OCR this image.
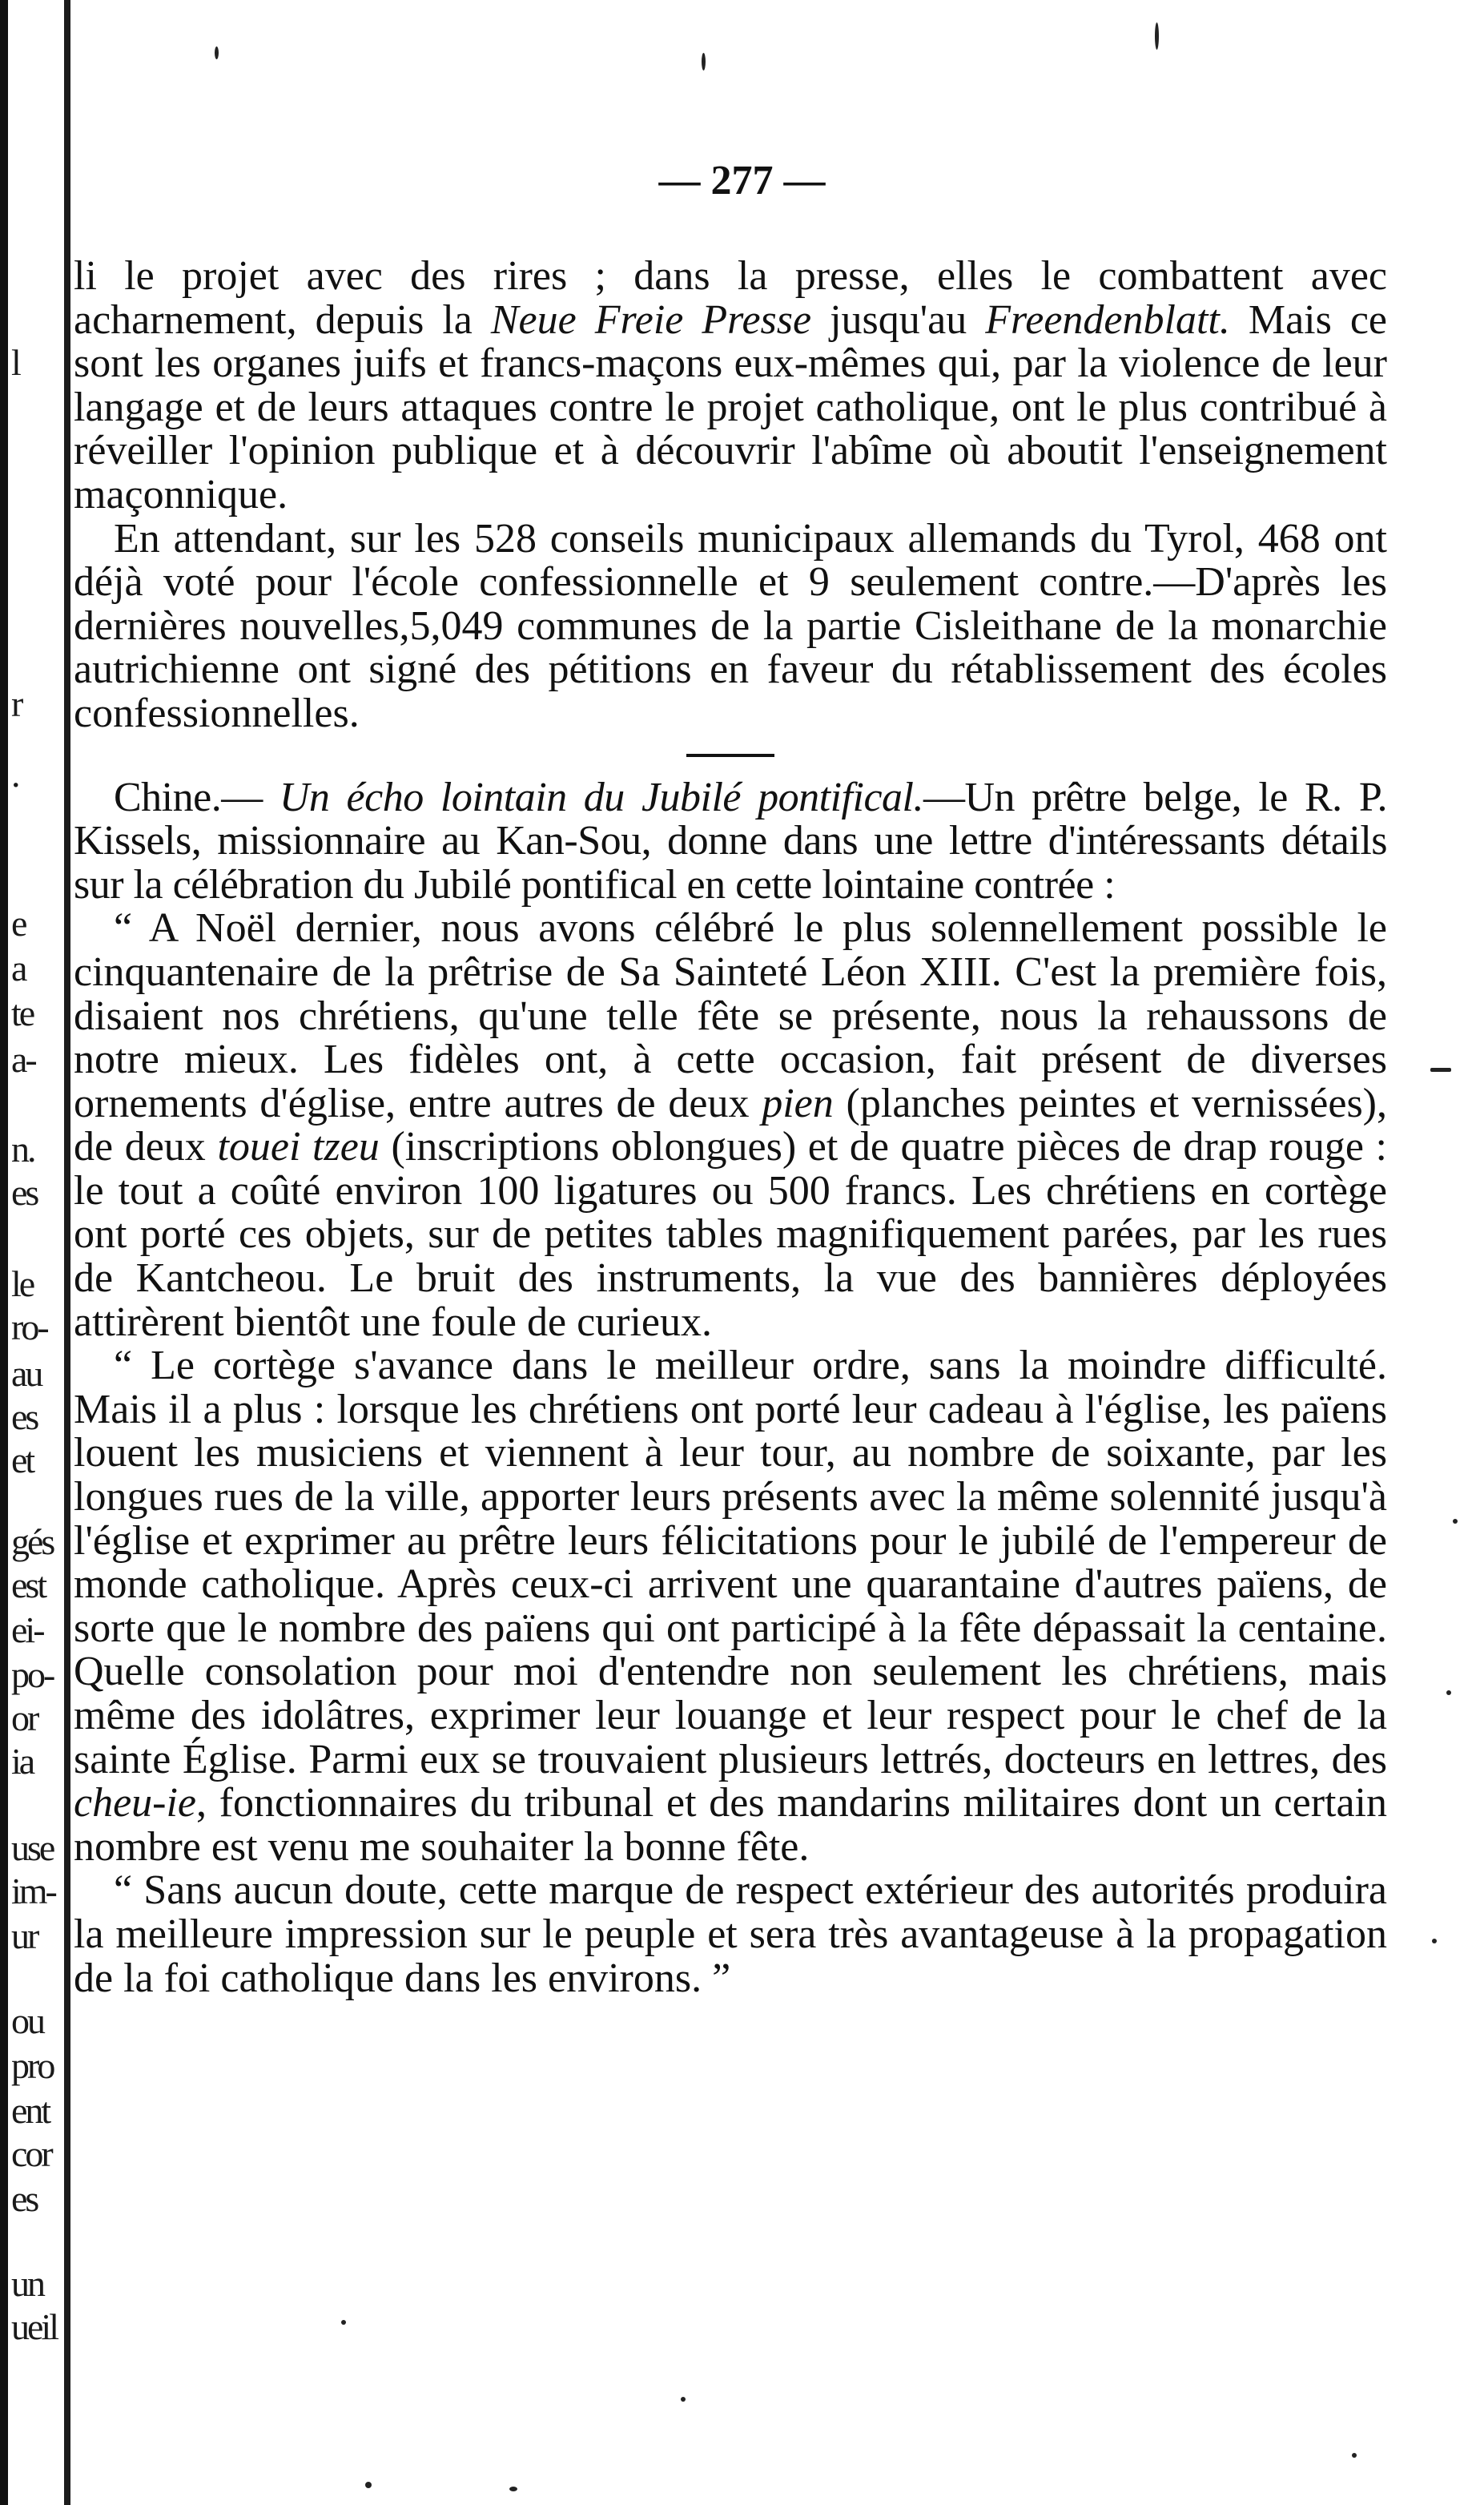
l
r
.
e
a
te
a-
n.
es
le
ro-
au
es
et
gés
est
ei-
po-
or
ia
use
im-
ur
ou
pro
ent
cor
es
un
ueil
— 277 —

li le projet avec des rires ; dans la presse, elles le combattent avec acharnement, depuis la Neue Freie Presse jusqu'au Freendenblatt. Mais ce sont les organes juifs et francs-maçons eux-mêmes qui, par la violence de leur langage et de leurs attaques contre le projet catholique, ont le plus contribué à réveiller l'opinion publique et à découvrir l'abîme où aboutit l'enseignement maçonnique.

En attendant, sur les 528 conseils municipaux allemands du Tyrol, 468 ont déjà voté pour l'école confessionnelle et 9 seulement contre.—D'après les dernières nouvelles,5,049 communes de la partie Cisleithane de la monarchie autrichienne ont signé des pétitions en faveur du rétablissement des écoles confessionnelles.

Chine.— Un écho lointain du Jubilé pontifical.—Un prêtre belge, le R. P. Kissels, missionnaire au Kan-Sou, donne dans une lettre d'intéressants détails sur la célébration du Jubilé pontifical en cette lointaine contrée :

“ A Noël dernier, nous avons célébré le plus solennellement possible le cinquantenaire de la prêtrise de Sa Sainteté Léon XIII. C'est la première fois, disaient nos chrétiens, qu'une telle fête se présente, nous la rehaussons de notre mieux. Les fidèles ont, à cette occasion, fait présent de diverses ornements d'église, entre autres de deux pien (planches peintes et vernissées), de deux touei tzeu (inscriptions oblongues) et de quatre pièces de drap rouge : le tout a coûté environ 100 ligatures ou 500 francs. Les chrétiens en cortège ont porté ces objets, sur de petites tables magnifiquement parées, par les rues de Kantcheou. Le bruit des instruments, la vue des bannières déployées attirèrent bientôt une foule de curieux.

“ Le cortège s'avance dans le meilleur ordre, sans la moindre difficulté. Mais il a plus : lorsque les chrétiens ont porté leur cadeau à l'église, les païens louent les musiciens et viennent à leur tour, au nombre de soixante, par les longues rues de la ville, apporter leurs présents avec la même solennité jusqu'à l'église et exprimer au prêtre leurs félicitations pour le jubilé de l'empereur de monde catholique. Après ceux-ci arrivent une quarantaine d'autres païens, de sorte que le nombre des païens qui ont participé à la fête dépassait la centaine. Quelle consolation pour moi d'entendre non seulement les chrétiens, mais même des idolâtres, exprimer leur louange et leur respect pour le chef de la sainte Église. Parmi eux se trouvaient plusieurs lettrés, docteurs en lettres, des cheu-ie, fonctionnaires du tribunal et des mandarins militaires dont un certain nombre est venu me souhaiter la bonne fête.

“ Sans aucun doute, cette marque de respect extérieur des autorités produira la meilleure impression sur le peuple et sera très avantageuse à la propagation de la foi catholique dans les environs. ”
